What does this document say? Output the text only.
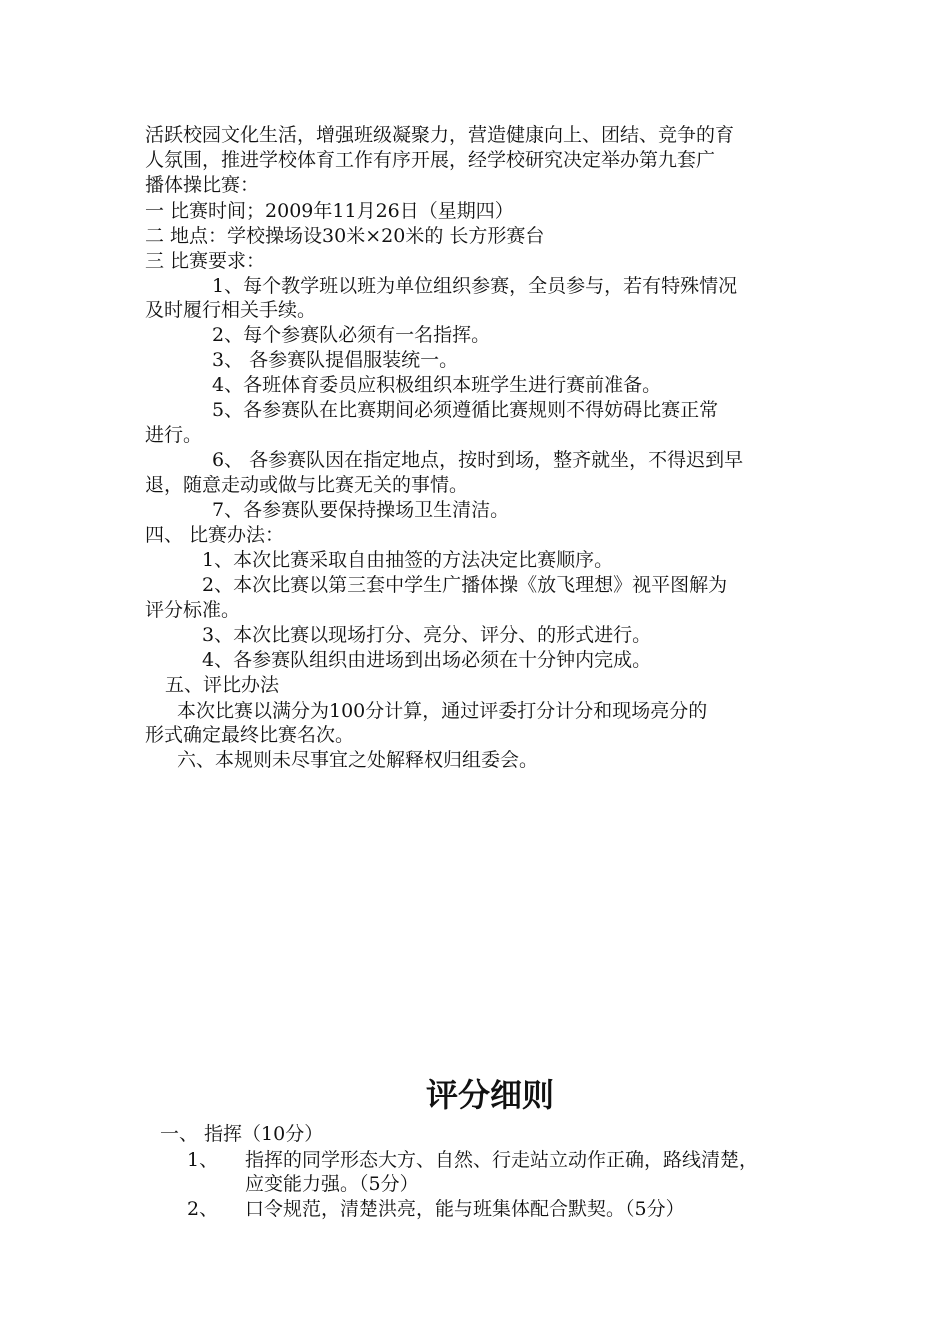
活跃校园文化生活，增强班级凝聚力，营造健康向上、团结、竞争的育
人氛围，推进学校体育工作有序开展，经学校研究决定举办第九套广
播体操比赛：
一 比赛时间；2009年11月26日（星期四）
二 地点：学校操场设30米×20米的 长方形赛台
三 比赛要求：
1、每个教学班以班为单位组织参赛，全员参与，若有特殊情况
及时履行相关手续。
2、每个参赛队必须有一名指挥。
3、 各参赛队提倡服装统一。
4、各班体育委员应积极组织本班学生进行赛前准备。
5、各参赛队在比赛期间必须遵循比赛规则不得妨碍比赛正常
进行。
6、 各参赛队因在指定地点，按时到场，整齐就坐，不得迟到早
退，随意走动或做与比赛无关的事情。
7、各参赛队要保持操场卫生清洁。
四、 比赛办法：
1、本次比赛采取自由抽签的方法决定比赛顺序。
2、本次比赛以第三套中学生广播体操《放飞理想》视平图解为
评分标准。
3、本次比赛以现场打分、亮分、评分、的形式进行。
4、各参赛队组织由进场到出场必须在十分钟内完成。
五、评比办法
本次比赛以满分为100分计算，通过评委打分计分和现场亮分的
形式确定最终比赛名次。
六、本规则未尽事宜之处解释权归组委会。
评分细则
一、 指挥（10分）
1、 指挥的同学形态大方、自然、行走站立动作正确，路线清楚，
应变能力强。（5分）
2、 口令规范，清楚洪亮，能与班集体配合默契。（5分）
